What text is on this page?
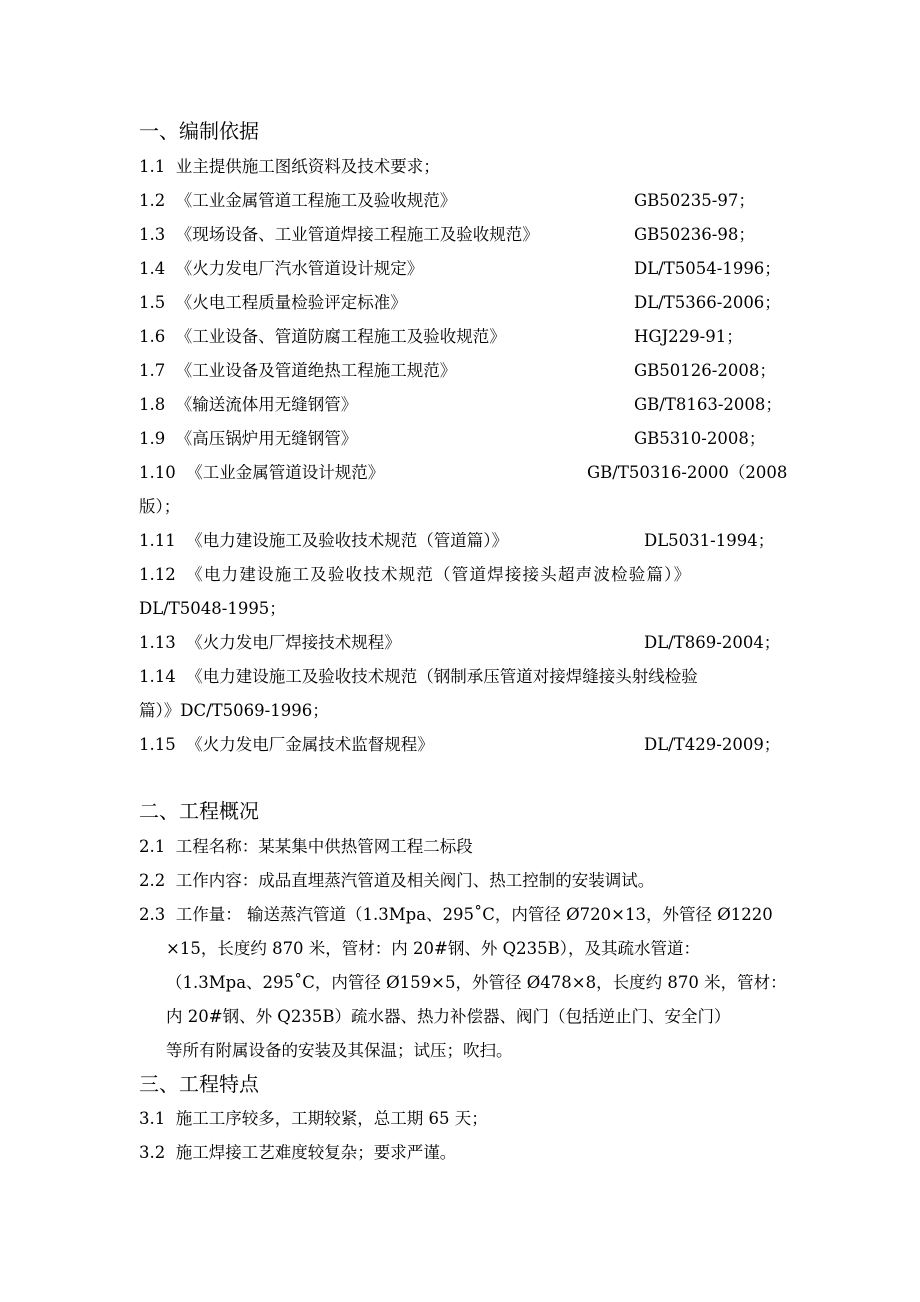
一、编制依据
1.1 业主提供施工图纸资料及技术要求；
1.2 《工业金属管道工程施工及验收规范》	GB50235-97；
1.3 《现场设备、工业管道焊接工程施工及验收规范》	GB50236-98；
1.4 《火力发电厂汽水管道设计规定》	DL/T5054-1996；
1.5 《火电工程质量检验评定标准》	DL/T5366-2006；
1.6 《工业设备、管道防腐工程施工及验收规范》	HGJ229-91；
1.7 《工业设备及管道绝热工程施工规范》	GB50126-2008；
1.8 《输送流体用无缝钢管》	GB/T8163-2008；
1.9 《高压锅炉用无缝钢管》	GB5310-2008；
1.10 《工业金属管道设计规范》	GB/T50316-2000（2008
版）；
1.11 《电力建设施工及验收技术规范（管道篇）》	DL5031-1994；
1.12 《电力建设施工及验收技术规范（管道焊接接头超声波检验篇）》
DL/T5048-1995；
1.13 《火力发电厂焊接技术规程》	DL/T869-2004；
1.14 《电力建设施工及验收技术规范（钢制承压管道对接焊缝接头射线检验
篇）》DC/T5069-1996；
1.15 《火力发电厂金属技术监督规程》	DL/T429-2009；
二、工程概况
2.1 工程名称：某某集中供热管网工程二标段
2.2 工作内容：成品直埋蒸汽管道及相关阀门、热工控制的安装调试。
2.3 工作量： 输送蒸汽管道（1.3Mpa、295˚C，内管径 Ø720×13，外管径 Ø1220
×15，长度约 870 米，管材：内 20#钢、外 Q235B），及其疏水管道：
（1.3Mpa、295˚C，内管径 Ø159×5，外管径 Ø478×8，长度约 870 米，管材：
内 20#钢、外 Q235B）疏水器、热力补偿器、阀门（包括逆止门、安全门）
等所有附属设备的安装及其保温；试压；吹扫。
三、工程特点
3.1 施工工序较多，工期较紧，总工期 65 天；
3.2 施工焊接工艺难度较复杂；要求严谨。
